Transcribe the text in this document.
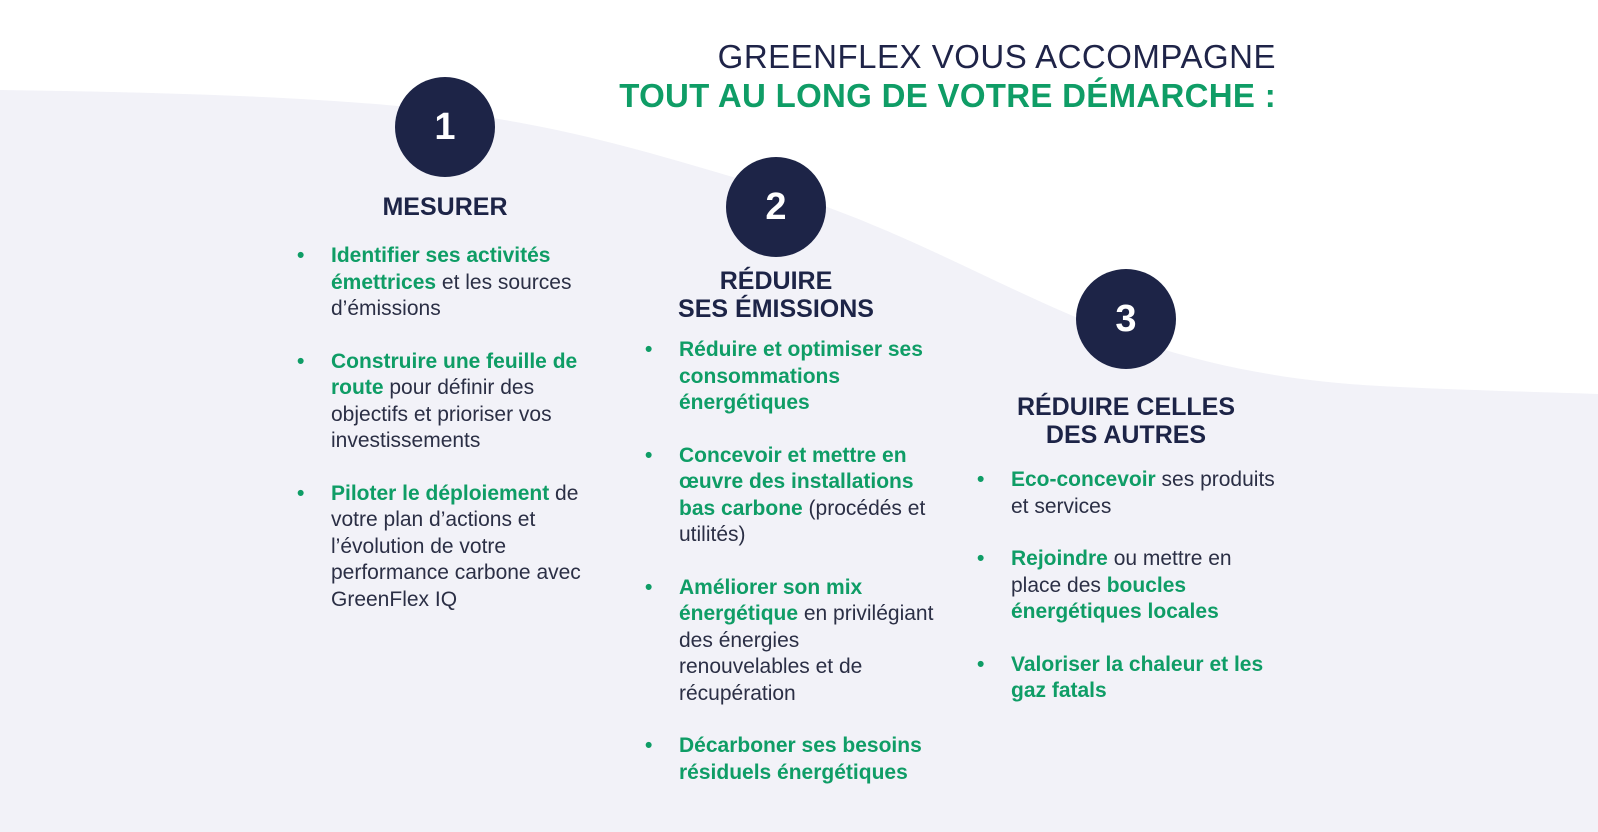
GREENFLEX VOUS ACCOMPAGNE
TOUT AU LONG DE VOTRE DÉMARCHE :
1
MESURER
• Identifier ses activités émettrices et les sources d’émissions
• Construire une feuille de route pour définir des objectifs et prioriser vos investissements
• Piloter le déploiement de votre plan d’actions et l’évolution de votre performance carbone avec GreenFlex IQ
2
RÉDUIRE
SES ÉMISSIONS
• Réduire et optimiser ses consommations énergétiques
• Concevoir et mettre en œuvre des installations bas carbone (procédés et utilités)
• Améliorer son mix énergétique en privilégiant des énergies renouvelables et de récupération
• Décarboner ses besoins résiduels énergétiques
3
RÉDUIRE CELLES
DES AUTRES
• Eco-concevoir ses produits et services
• Rejoindre ou mettre en place des boucles énergétiques locales
• Valoriser la chaleur et les gaz fatals
